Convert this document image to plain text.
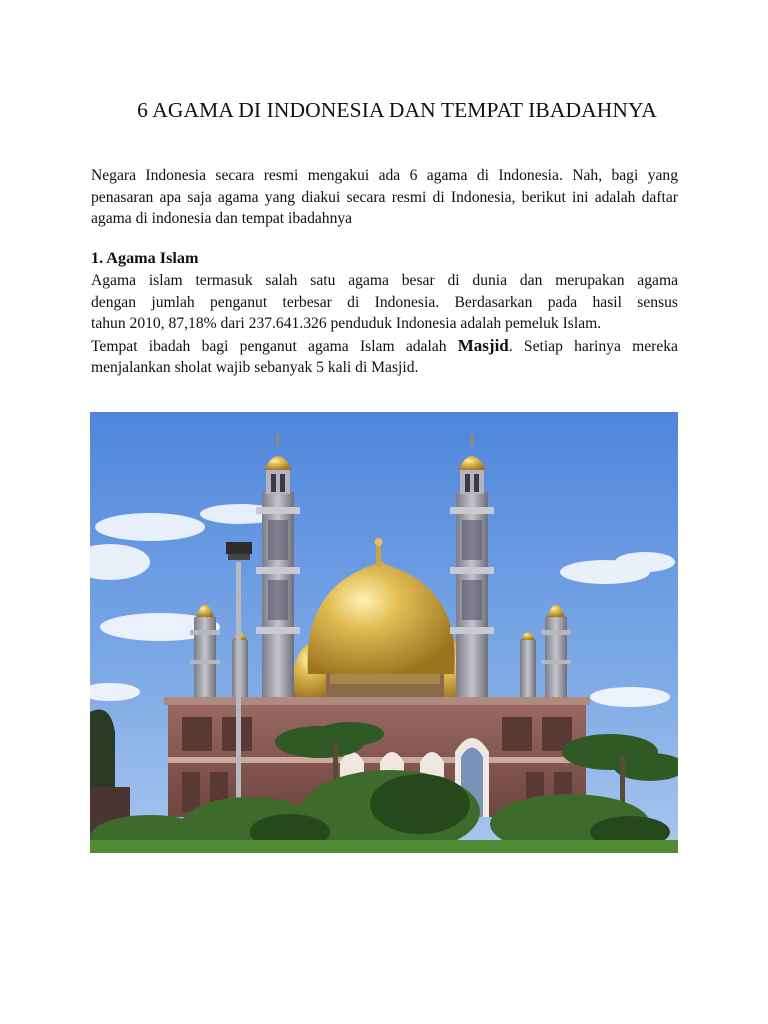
6 AGAMA DI INDONESIA DAN TEMPAT IBADAHNYA
Negara Indonesia secara resmi mengakui ada 6 agama di Indonesia. Nah, bagi yang penasaran apa saja agama yang diakui secara resmi di Indonesia, berikut ini adalah daftar agama di indonesia dan tempat ibadahnya
1. Agama Islam
Agama islam termasuk salah satu agama besar di dunia dan merupakan agama
dengan jumlah penganut terbesar di Indonesia. Berdasarkan pada hasil sensus
tahun 2010, 87,18% dari 237.641.326 penduduk Indonesia adalah pemeluk Islam.
Tempat ibadah bagi penganut agama Islam adalah Masjid. Setiap harinya mereka
menjalankan sholat wajib sebanyak 5 kali di Masjid.
